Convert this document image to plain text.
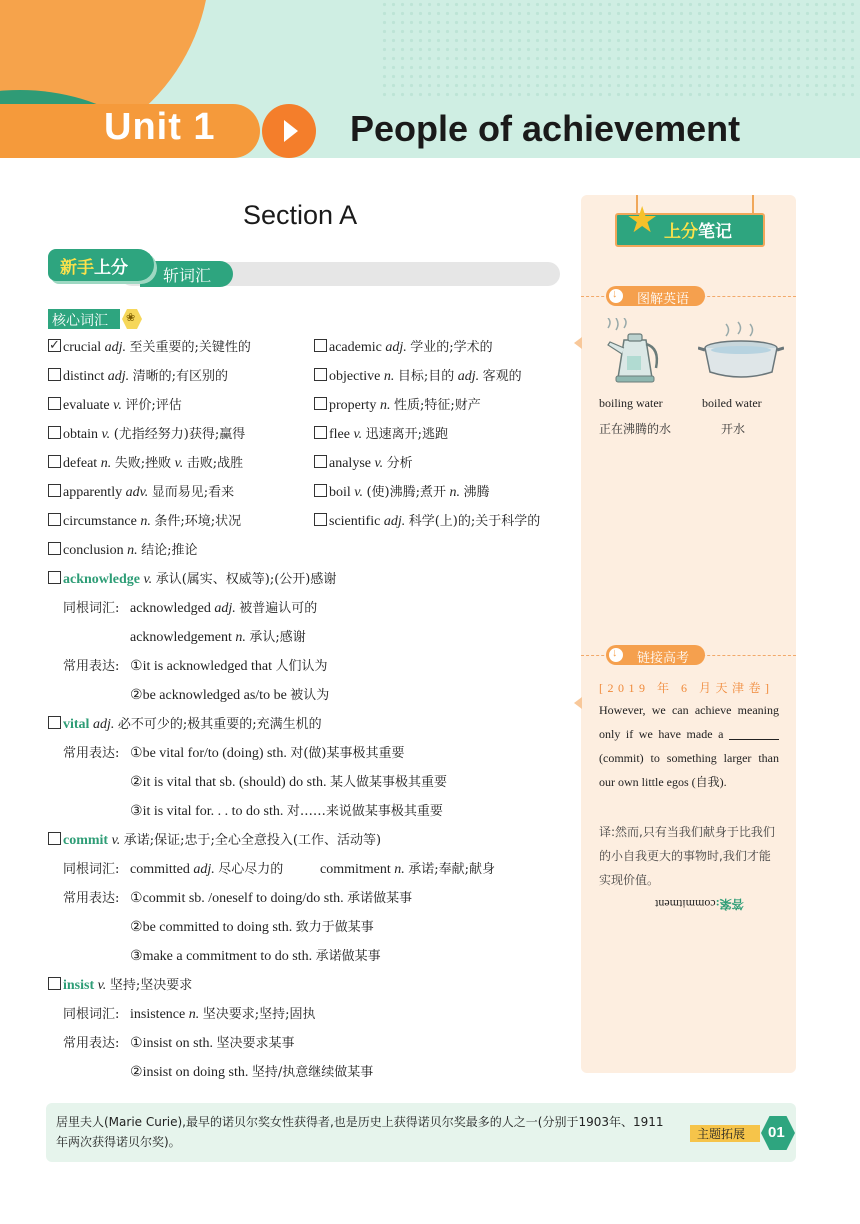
Unit 1	People of achievement
Section A
斩词汇
新手上分
核心词汇 ❀
✓crucial adj. 至关重要的;关键性的
distinct adj. 清晰的;有区别的
evaluate v. 评价;评估
obtain v. (尤指经努力)获得;赢得
defeat n. 失败;挫败 v. 击败;战胜
apparently adv. 显而易见;看来
circumstance n. 条件;环境;状况
conclusion n. 结论;推论
academic adj. 学业的;学术的
objective n. 目标;目的 adj. 客观的
property n. 性质;特征;财产
flee v. 迅速离开;逃跑
analyse v. 分析
boil v. (使)沸腾;煮开 n. 沸腾
scientific adj. 科学(上)的;关于科学的
acknowledge v. 承认(属实、权威等);(公开)感谢
同根词汇: acknowledged adj. 被普遍认可的
acknowledgement n. 承认;感谢
常用表达: ①it is acknowledged that 人们认为
②be acknowledged as/to be 被认为
vital adj. 必不可少的;极其重要的;充满生机的
常用表达: ①be vital for/to (doing) sth. 对(做)某事极其重要
②it is vital that sb. (should) do sth. 某人做某事极其重要
③it is vital for. . . to do sth. 对……来说做某事极其重要
commit v. 承诺;保证;忠于;全心全意投入(工作、活动等)
同根词汇: committed adj. 尽心尽力的	commitment n. 承诺;奉献;献身
常用表达: ①commit sb. /oneself to doing/do sth. 承诺做某事
②be committed to doing sth. 致力于做某事
③make a commitment to do sth. 承诺做某事
insist v. 坚持;坚决要求
同根词汇: insistence n. 坚决要求;坚持;固执
常用表达: ①insist on sth. 坚决要求某事
②insist on doing sth. 坚持/执意继续做某事
★ 上分笔记
↓ 图解英语
boiling water	boiled water
正在沸腾的水	开水
↓ 链接高考
[2019 年 6 月天津卷]
However, we can achieve meaning only if we have made a (commit) to something larger than our own little egos (自我).
译:然而,只有当我们献身于比我们的小自我更大的事物时,我们才能实现价值。
答案:commitment
居里夫人(Marie Curie),最早的诺贝尔奖女性获得者,也是历史上获得诺贝尔奖最多的人之一(分别于1903年、1911年两次获得诺贝尔奖)。
主题拓展 01
